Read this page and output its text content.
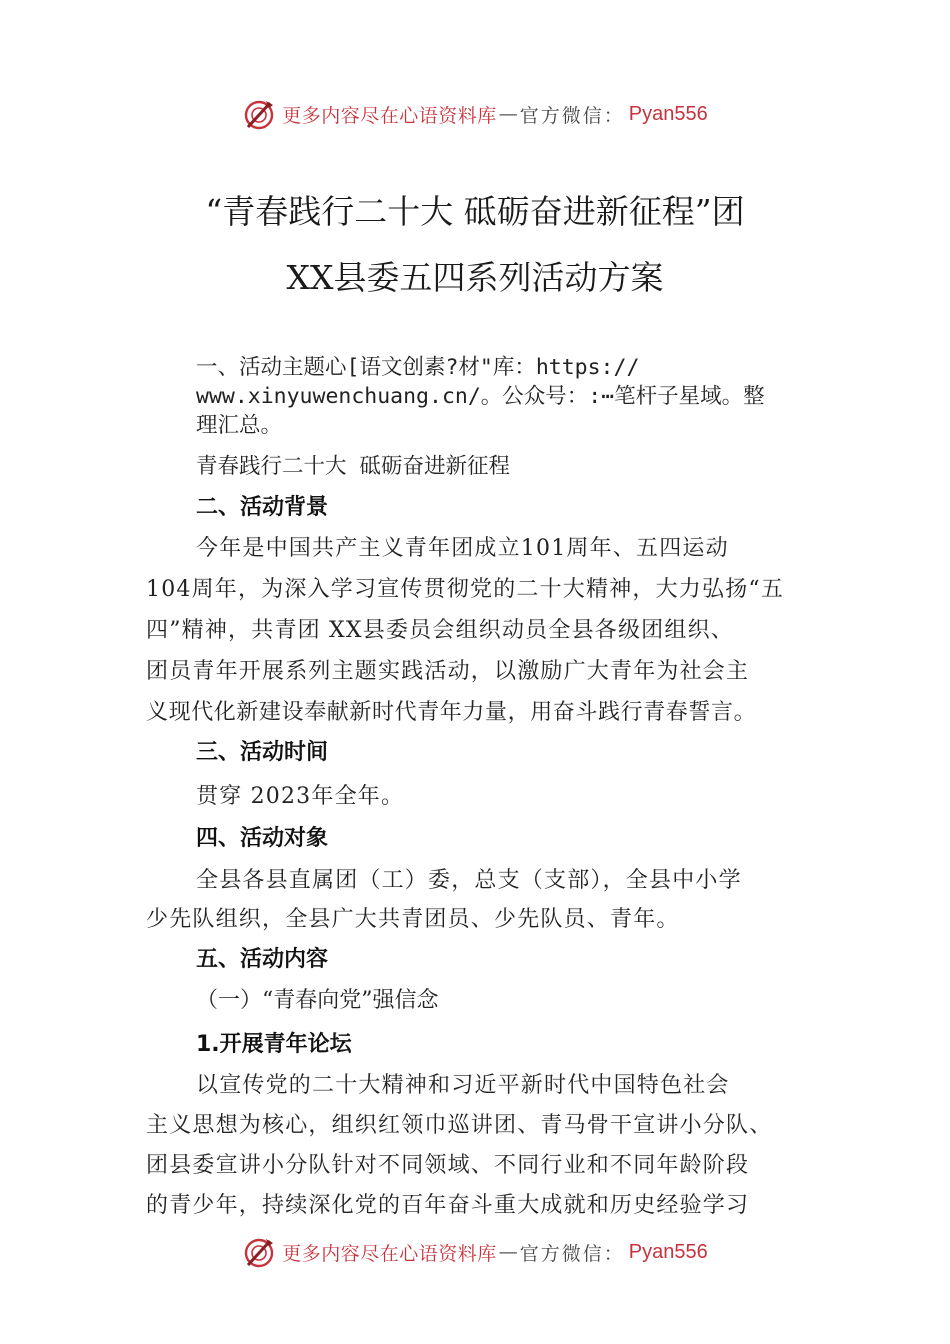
更多内容尽在心语资料库 — 官方微信： Pyan556
“青春践行二十大 砥砺奋进新征程”团
XX县委五四系列活动方案
一、活动主题心[语文创素?材"库：https://
www.xinyuwenchuang.cn/。公众号：:⋯笔杆子星域。整
理汇总。
青春践行二十大 砥砺奋进新征程
二、活动背景
今年是中国共产主义青年团成立101周年、五四运动
104周年，为深入学习宣传贯彻党的二十大精神，大力弘扬“五
四”精神，共青团 XX县委员会组织动员全县各级团组织、
团员青年开展系列主题实践活动，以激励广大青年为社会主
义现代化新建设奉献新时代青年力量，用奋斗践行青春誓言。
三、活动时间
贯穿 2023年全年。
四、活动对象
全县各县直属团（工）委，总支（支部），全县中小学
少先队组织，全县广大共青团员、少先队员、青年。
五、活动内容
（一）“青春向党”强信念
1.开展青年论坛
以宣传党的二十大精神和习近平新时代中国特色社会
主义思想为核心，组织红领巾巡讲团、青马骨干宣讲小分队、
团县委宣讲小分队针对不同领域、不同行业和不同年龄阶段
的青少年，持续深化党的百年奋斗重大成就和历史经验学习
更多内容尽在心语资料库 — 官方微信： Pyan556
